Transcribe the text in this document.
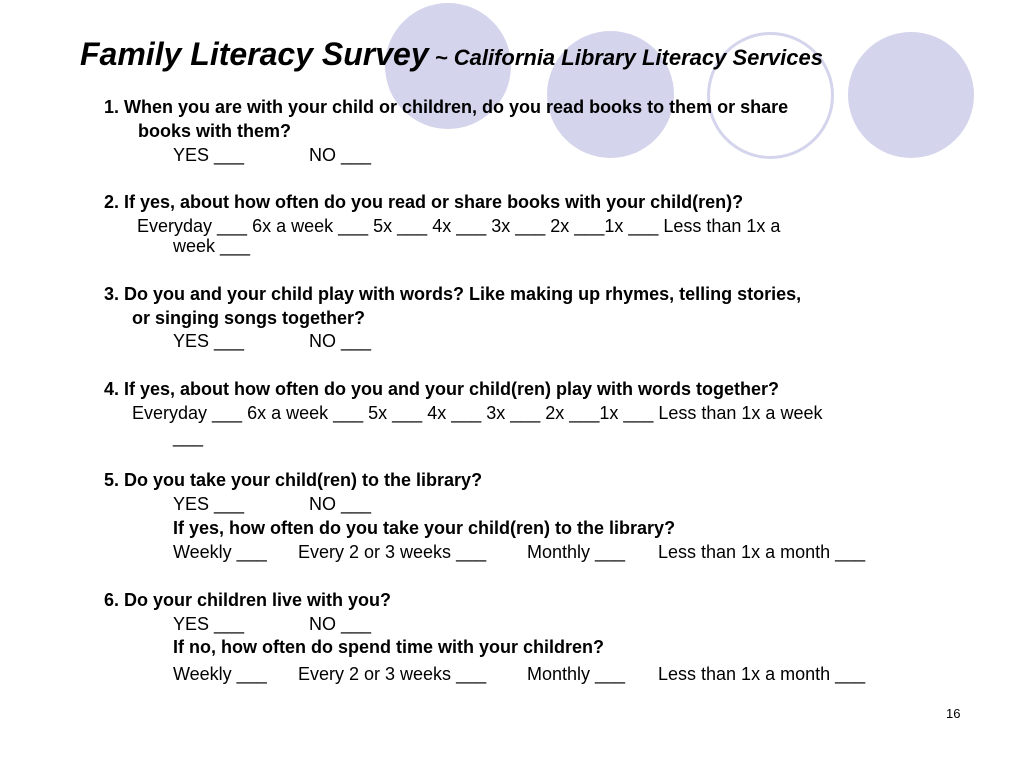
Family Literacy Survey ~ California Library Literacy Services
1. When you are with your child or children, do you read books to them or share
books with them?
YES ___	NO ___
2. If yes, about how often do you read or share books with your child(ren)?
Everyday ___ 6x a week ___ 5x ___ 4x ___ 3x ___ 2x ___1x ___ Less than 1x a
week ___
3. Do you and your child play with words? Like making up rhymes, telling stories,
or singing songs together?
YES ___	NO ___
4. If yes, about how often do you and your child(ren) play with words together?
Everyday ___ 6x a week ___ 5x ___ 4x ___ 3x ___ 2x ___1x ___ Less than 1x a week
___
5. Do you take your child(ren) to the library?
YES ___	NO ___
If yes, how often do you take your child(ren) to the library?
Weekly ___ Every 2 or 3 weeks ___ Monthly ___ Less than 1x a month ___
6. Do your children live with you?
YES ___	NO ___
If no, how often do spend time with your children?
Weekly ___ Every 2 or 3 weeks ___ Monthly ___ Less than 1x a month ___
16
